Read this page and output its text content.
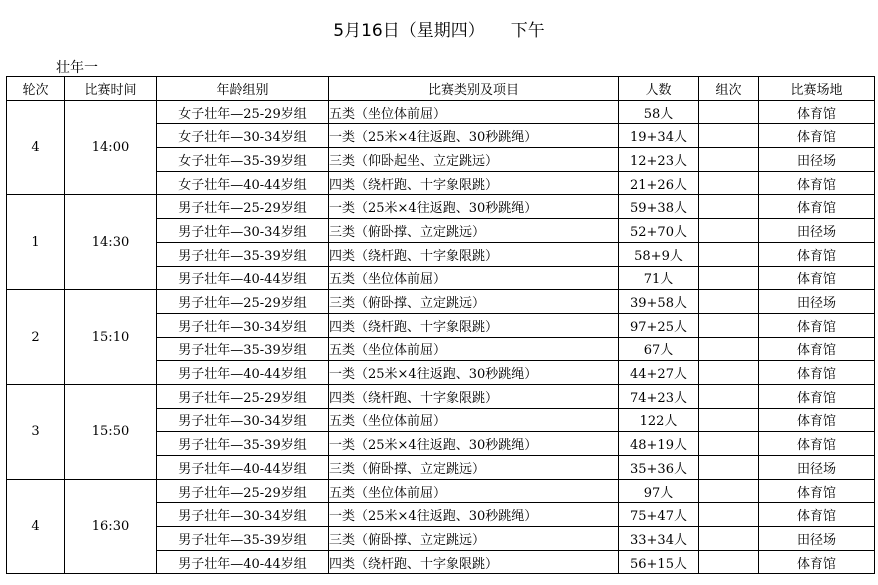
5月16日（星期四） 下午
壮年一
轮次	比赛时间	年龄组别	比赛类别及项目	人数	组次	比赛场地
4	14:00	女子壮年—25-29岁组	五类（坐位体前屈）	58人		体育馆
		女子壮年—30-34岁组	一类（25米×4往返跑、30秒跳绳）	19+34人		体育馆
		女子壮年—35-39岁组	三类（仰卧起坐、立定跳远）	12+23人		田径场
		女子壮年—40-44岁组	四类（绕杆跑、十字象限跳）	21+26人		体育馆
1	14:30	男子壮年—25-29岁组	一类（25米×4往返跑、30秒跳绳）	59+38人		体育馆
		男子壮年—30-34岁组	三类（俯卧撑、立定跳远）	52+70人		田径场
		男子壮年—35-39岁组	四类（绕杆跑、十字象限跳）	58+9人		体育馆
		男子壮年—40-44岁组	五类（坐位体前屈）	71人		体育馆
2	15:10	男子壮年—25-29岁组	三类（俯卧撑、立定跳远）	39+58人		田径场
		男子壮年—30-34岁组	四类（绕杆跑、十字象限跳）	97+25人		体育馆
		男子壮年—35-39岁组	五类（坐位体前屈）	67人		体育馆
		男子壮年—40-44岁组	一类（25米×4往返跑、30秒跳绳）	44+27人		体育馆
3	15:50	男子壮年—25-29岁组	四类（绕杆跑、十字象限跳）	74+23人		体育馆
		男子壮年—30-34岁组	五类（坐位体前屈）	122人		体育馆
		男子壮年—35-39岁组	一类（25米×4往返跑、30秒跳绳）	48+19人		体育馆
		男子壮年—40-44岁组	三类（俯卧撑、立定跳远）	35+36人		田径场
4	16:30	男子壮年—25-29岁组	五类（坐位体前屈）	97人		体育馆
		男子壮年—30-34岁组	一类（25米×4往返跑、30秒跳绳）	75+47人		体育馆
		男子壮年—35-39岁组	三类（俯卧撑、立定跳远）	33+34人		田径场
		男子壮年—40-44岁组	四类（绕杆跑、十字象限跳）	56+15人		体育馆
